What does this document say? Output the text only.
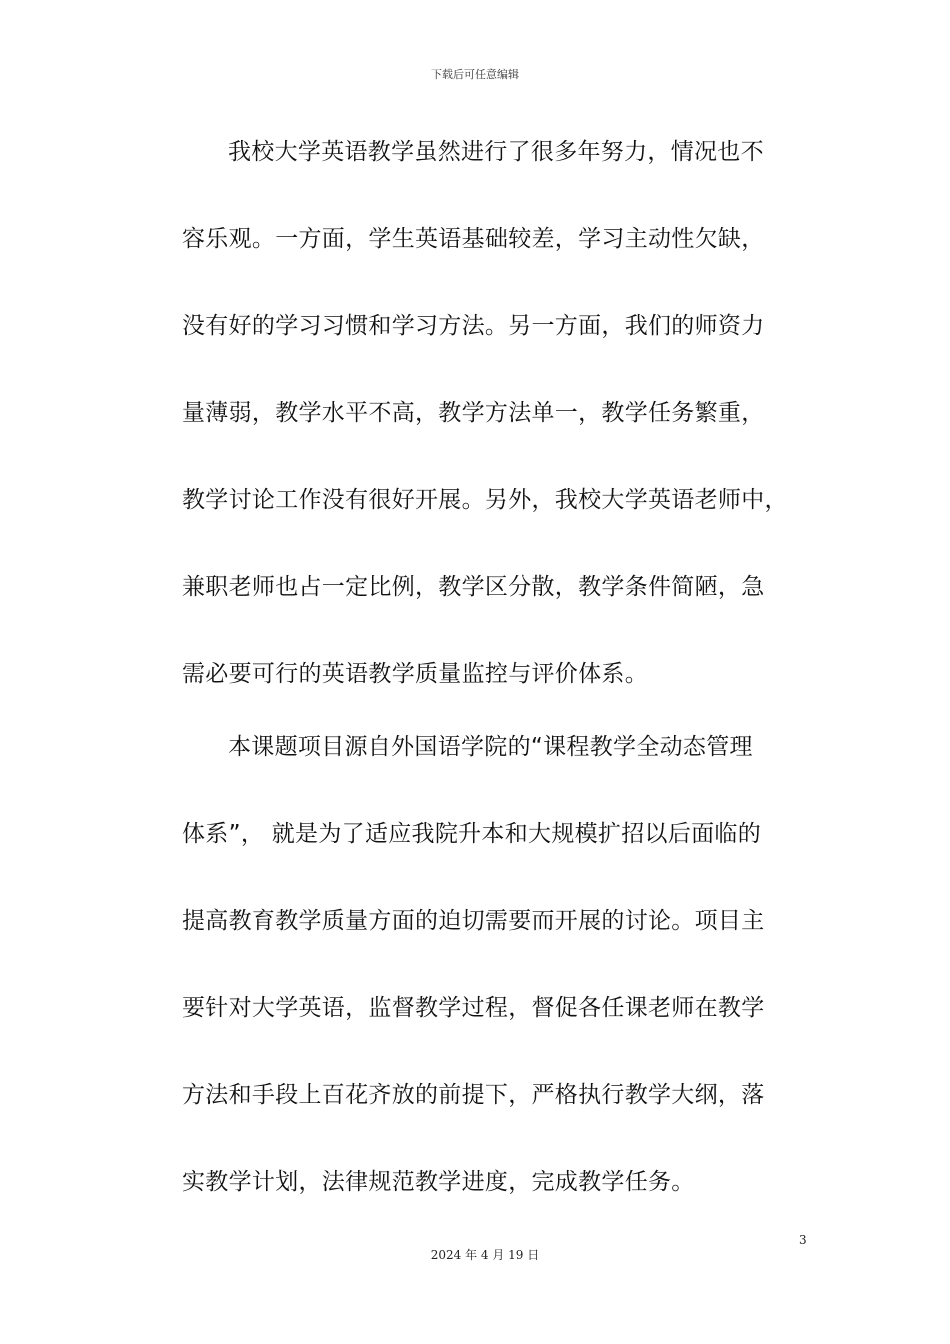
下载后可任意编辑
我校大学英语教学虽然进行了很多年努力，情况也不
容乐观。一方面，学生英语基础较差，学习主动性欠缺，
没有好的学习习惯和学习方法。另一方面，我们的师资力
量薄弱，教学水平不高，教学方法单一，教学任务繁重，
教学讨论工作没有很好开展。另外，我校大学英语老师中，
兼职老师也占一定比例，教学区分散，教学条件简陋，急
需必要可行的英语教学质量监控与评价体系。
本课题项目源自外国语学院的“课程教学全动态管理
体系”， 就是为了适应我院升本和大规模扩招以后面临的
提高教育教学质量方面的迫切需要而开展的讨论。项目主
要针对大学英语，监督教学过程，督促各任课老师在教学
方法和手段上百花齐放的前提下，严格执行教学大纲，落
实教学计划，法律规范教学进度，完成教学任务。
3
2024 年 4 月 19 日
